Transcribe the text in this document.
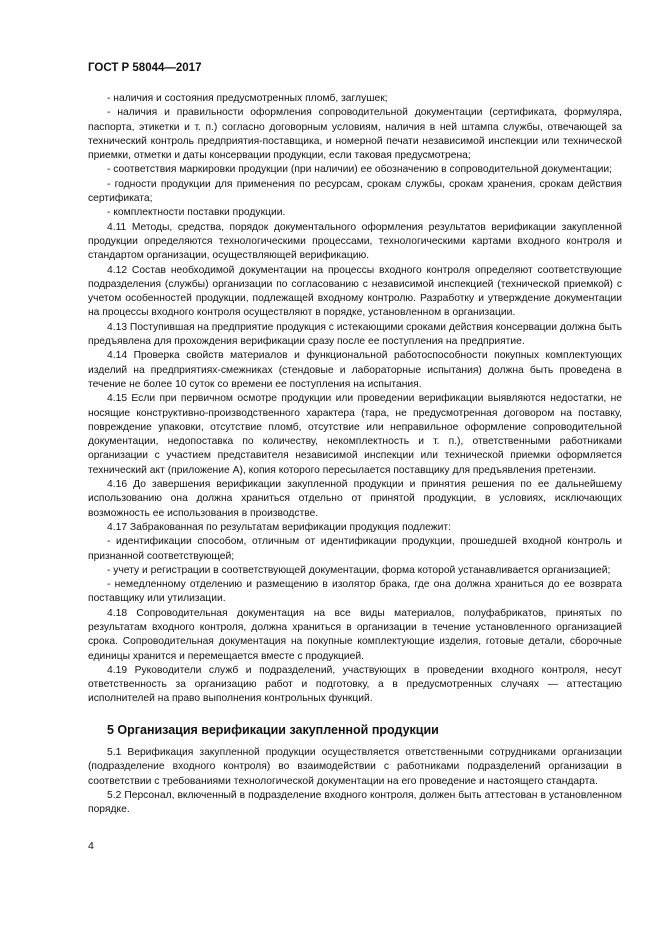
ГОСТ Р 58044—2017

- наличия и состояния предусмотренных пломб, заглушек;

- наличия и правильности оформления сопроводительной документации (сертификата, формуляра, паспорта, этикетки и т. п.) согласно договорным условиям, наличия в ней штампа службы, отвечающей за технический контроль предприятия-поставщика, и номерной печати независимой инспекции или технической приемки, отметки и даты консервации продукции, если таковая предусмотрена;

- соответствия маркировки продукции (при наличии) ее обозначению в сопроводительной документации;

- годности продукции для применения по ресурсам, срокам службы, срокам хранения, срокам действия сертификата;

- комплектности поставки продукции.

4.11 Методы, средства, порядок документального оформления результатов верификации закупленной продукции определяются технологическими процессами, технологическими картами входного контроля и стандартом организации, осуществляющей верификацию.

4.12 Состав необходимой документации на процессы входного контроля определяют соответствующие подразделения (службы) организации по согласованию с независимой инспекцией (технической приемкой) с учетом особенностей продукции, подлежащей входному контролю. Разработку и утверждение документации на процессы входного контроля осуществляют в порядке, установленном в организации.

4.13 Поступившая на предприятие продукция с истекающими сроками действия консервации должна быть предъявлена для прохождения верификации сразу после ее поступления на предприятие.

4.14 Проверка свойств материалов и функциональной работоспособности покупных комплектующих изделий на предприятиях-смежниках (стендовые и лабораторные испытания) должна быть проведена в течение не более 10 суток со времени ее поступления на испытания.

4.15 Если при первичном осмотре продукции или проведении верификации выявляются недостатки, не носящие конструктивно-производственного характера (тара, не предусмотренная договором на поставку, повреждение упаковки, отсутствие пломб, отсутствие или неправильное оформление сопроводительной документации, недопоставка по количеству, некомплектность и т. п.), ответственными работниками организации с участием представителя независимой инспекции или технической приемки оформляется технический акт (приложение А), копия которого пересылается поставщику для предъявления претензии.

4.16 До завершения верификации закупленной продукции и принятия решения по ее дальнейшему использованию она должна храниться отдельно от принятой продукции, в условиях, исключающих возможность ее использования в производстве.

4.17 Забракованная по результатам верификации продукция подлежит:

- идентификации способом, отличным от идентификации продукции, прошедшей входной контроль и признанной соответствующей;

- учету и регистрации в соответствующей документации, форма которой устанавливается организацией;

- немедленному отделению и размещению в изолятор брака, где она должна храниться до ее возврата поставщику или утилизации.

4.18 Сопроводительная документация на все виды материалов, полуфабрикатов, принятых по результатам входного контроля, должна храниться в организации в течение установленного организацией срока. Сопроводительная документация на покупные комплектующие изделия, готовые детали, сборочные единицы хранится и перемещается вместе с продукцией.

4.19 Руководители служб и подразделений, участвующих в проведении входного контроля, несут ответственность за организацию работ и подготовку, а в предусмотренных случаях — аттестацию исполнителей на право выполнения контрольных функций.

5 Организация верификации закупленной продукции

5.1 Верификация закупленной продукции осуществляется ответственными сотрудниками организации (подразделение входного контроля) во взаимодействии с работниками подразделений организации в соответствии с требованиями технологической документации на его проведение и настоящего стандарта.

5.2 Персонал, включенный в подразделение входного контроля, должен быть аттестован в установленном порядке.

4
